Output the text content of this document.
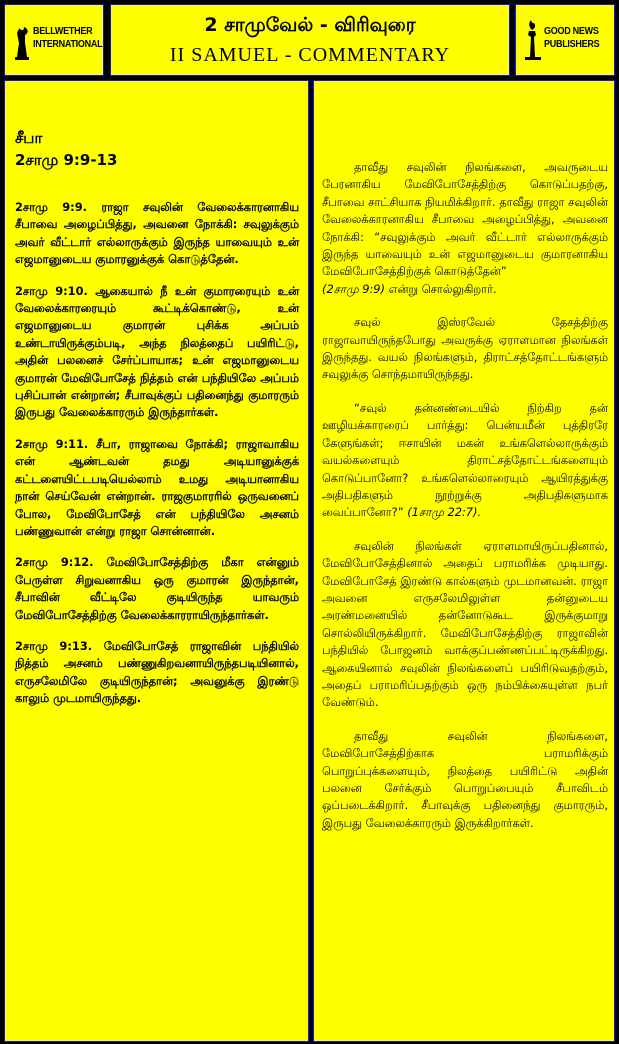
BELLWETHER
INTERNATIONAL
2 சாமுவேல் - விரிவுரை
II SAMUEL - COMMENTARY
GOOD NEWS
PUBLISHERS
சீபா
2சாமு 9:9-13

2சாமு 9:9. ராஜா சவுலின் வேலைக்காரனாகிய சீபாவை அழைப்பித்து, அவனை நோக்கி: சவுலுக்கும் அவர் வீட்டார் எல்லாருக்கும் இருந்த யாவையும் உன் எஜமானுடைய குமாரனுக்குக் கொடுத்தேன்.

2சாமு 9:10. ஆகையால் நீ உன் குமாரரையும் உன் வேலைக்காரரையும் கூட்டிக்கொண்டு, உன் எஜமானுடைய குமாரன் புசிக்க அப்பம் உண்டாயிருக்கும்படி, அந்த நிலத்தைப் பயிரிட்டு, அதின் பலனைச் சேர்ப்பாயாக; உன் எஜமானுடைய குமாரன் மேவிபோசேத் நித்தம் என் பந்தியிலே அப்பம் புசிப்பான் என்றான்; சீபாவுக்குப் பதினைந்து குமாரரும் இருபது வேலைக்காரரும் இருந்தார்கள்.

2சாமு 9:11. சீபா, ராஜாவை நோக்கி; ராஜாவாகிய என் ஆண்டவன் தமது அடியானுக்குக் கட்டளையிட்டபடியெல்லாம் உமது அடியானாகிய நான் செய்வேன் என்றான். ராஜகுமாரரில் ஒருவனைப் போல, மேவிபோசேத் என் பந்தியிலே அசனம் பண்ணுவான் என்று ராஜா சொன்னான்.

2சாமு 9:12. மேவிபோசேத்திற்கு மீகா என்னும் பேருள்ள சிறுவனாகிய ஒரு குமாரன் இருந்தான், சீபாவின் வீட்டிலே குடியிருந்த யாவரும் மேவிபோசேத்திற்கு வேலைக்காரராயிருந்தார்கள்.

2சாமு 9:13. மேவிபோசேத் ராஜாவின் பந்தியில் நித்தம் அசனம் பண்ணுகிறவனாயிருந்தபடியினால், எருசலேமிலே குடியிருந்தான்; அவனுக்கு இரண்டு காலும் முடமாயிருந்தது.

தாவீது சவுலின் நிலங்களை, அவருடைய பேரனாகிய மேவிபோசேத்திற்கு கொடுப்பதற்கு, சீபாவை சாட்சியாக நியமிக்கிறார். தாவீது ராஜா சவுலின் வேலைக்காரனாகிய சீபாவை அழைப்பித்து, அவனை நோக்கி: “சவுலுக்கும் அவர் வீட்டார் எல்லாருக்கும் இருந்த யாவையும் உன் எஜமானுடைய குமாரனாகிய மேவிபோசேத்திற்குக் கொடுத்தேன்”
(2சாமு 9:9) என்று சொல்லுகிறார்.

சவுல் இஸ்ரவேல் தேசத்திற்கு ராஜாவாயிருந்தபோது அவருக்கு ஏராளமான நிலங்கள் இருந்தது. வயல் நிலங்களும், திராட்சத்தோட்டங்களும் சவுலுக்கு சொந்தமாயிருந்தது.

“சவுல் தன்னண்டையில் நிற்கிற தன் ஊழியக்காரரைப் பார்த்து: பென்யமீன் புத்திரரே கேளுங்கள்; ஈசாயின் மகன் உங்களெல்லாருக்கும் வயல்களையும் திராட்சத்தோட்டங்களையும் கொடுப்பானோ? உங்களெல்லாரையும் ஆயிரத்துக்கு அதிபதிகளும் நூற்றுக்கு அதிபதிகளுமாக வைப்பானோ?” (1சாமு 22:7).

சவுலின் நிலங்கள் ஏராளமாயிருப்பதினால், மேவிபோசேத்தினால் அதைப் பராமரிக்க முடியாது. மேவிபோசேத் இரண்டு கால்களும் முடமானவன். ராஜா அவனை எருசலேமிலுள்ள தன்னுடைய அரண்மனையில் தன்னோடுகூட இருக்குமாறு சொல்லியிருக்கிறார். மேவிபோசேத்திற்கு ராஜாவின் பந்தியில் போஜனம் வாக்குப்பண்ணப்பட்டிருக்கிறது. ஆகையினால் சவுலின் நிலங்களைப் பயிரிடுவதற்கும், அதைப் பராமரிப்பதற்கும் ஒரு நம்பிக்கையுள்ள நபர் வேண்டும்.

தாவீது சவுலின் நிலங்களை, மேவிபோசேத்திற்காக பராமரிக்கும் பொறுப்புக்களையும், நிலத்தை பயிரிட்டு அதின் பலனை சேர்க்கும் பொறுப்பையும் சீபாவிடம் ஒப்படைக்கிறார். சீபாவுக்கு பதினைந்து குமாரரும், இருபது வேலைக்காரரும் இருக்கிறார்கள்.
